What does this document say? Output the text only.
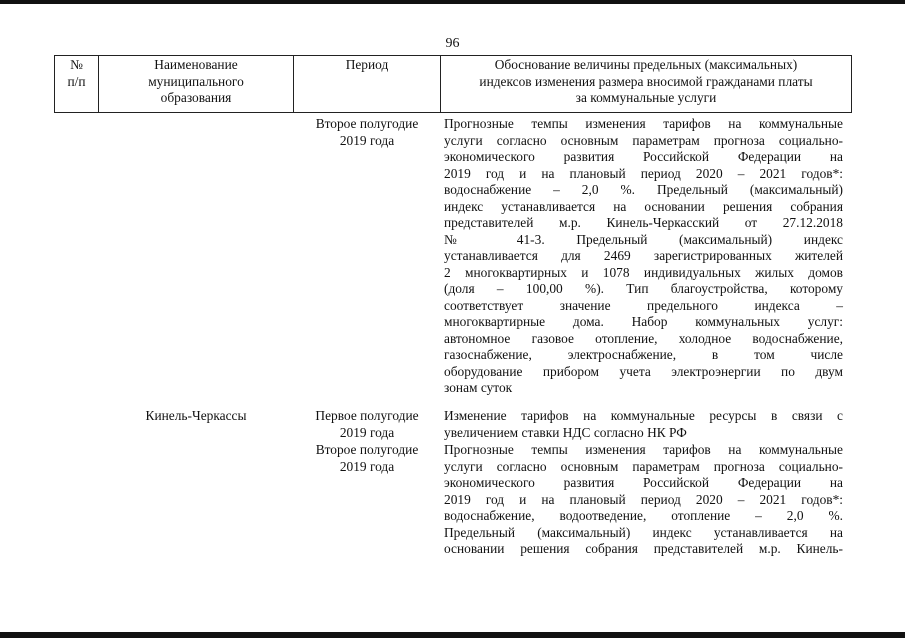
96
№
п/п
Наименование
муниципального
образования
Период	Обоснование величины предельных (максимальных)
индексов изменения размера вносимой гражданами платы
за коммунальные услуги
Второе полугодие
2019 года
Прогнозные темпы изменения тарифов на коммунальные
услуги согласно основным параметрам прогноза социально-
экономического развития Российской Федерации на
2019 год и на плановый период 2020 – 2021 годов*:
водоснабжение – 2,0 %. Предельный (максимальный)
индекс устанавливается на основании решения собрания
представителей м.р. Кинель-Черкасский от 27.12.2018
№ 41-3. Предельный (максимальный) индекс
устанавливается для 2469 зарегистрированных жителей
2 многоквартирных и 1078 индивидуальных жилых домов
(доля – 100,00 %). Тип благоустройства, которому
соответствует значение предельного индекса –
многоквартирные дома. Набор коммунальных услуг:
автономное газовое отопление, холодное водоснабжение,
газоснабжение, электроснабжение, в том числе
оборудование прибором учета электроэнергии по двум
зонам суток
Кинель-Черкассы	Первое полугодие
2019 года
Второе полугодие
2019 года
Изменение тарифов на коммунальные ресурсы в связи с
увеличением ставки НДС согласно НК РФ
Прогнозные темпы изменения тарифов на коммунальные
услуги согласно основным параметрам прогноза социально-
экономического развития Российской Федерации на
2019 год и на плановый период 2020 – 2021 годов*:
водоснабжение, водоотведение, отопление – 2,0 %.
Предельный (максимальный) индекс устанавливается на
основании решения собрания представителей м.р. Кинель-
